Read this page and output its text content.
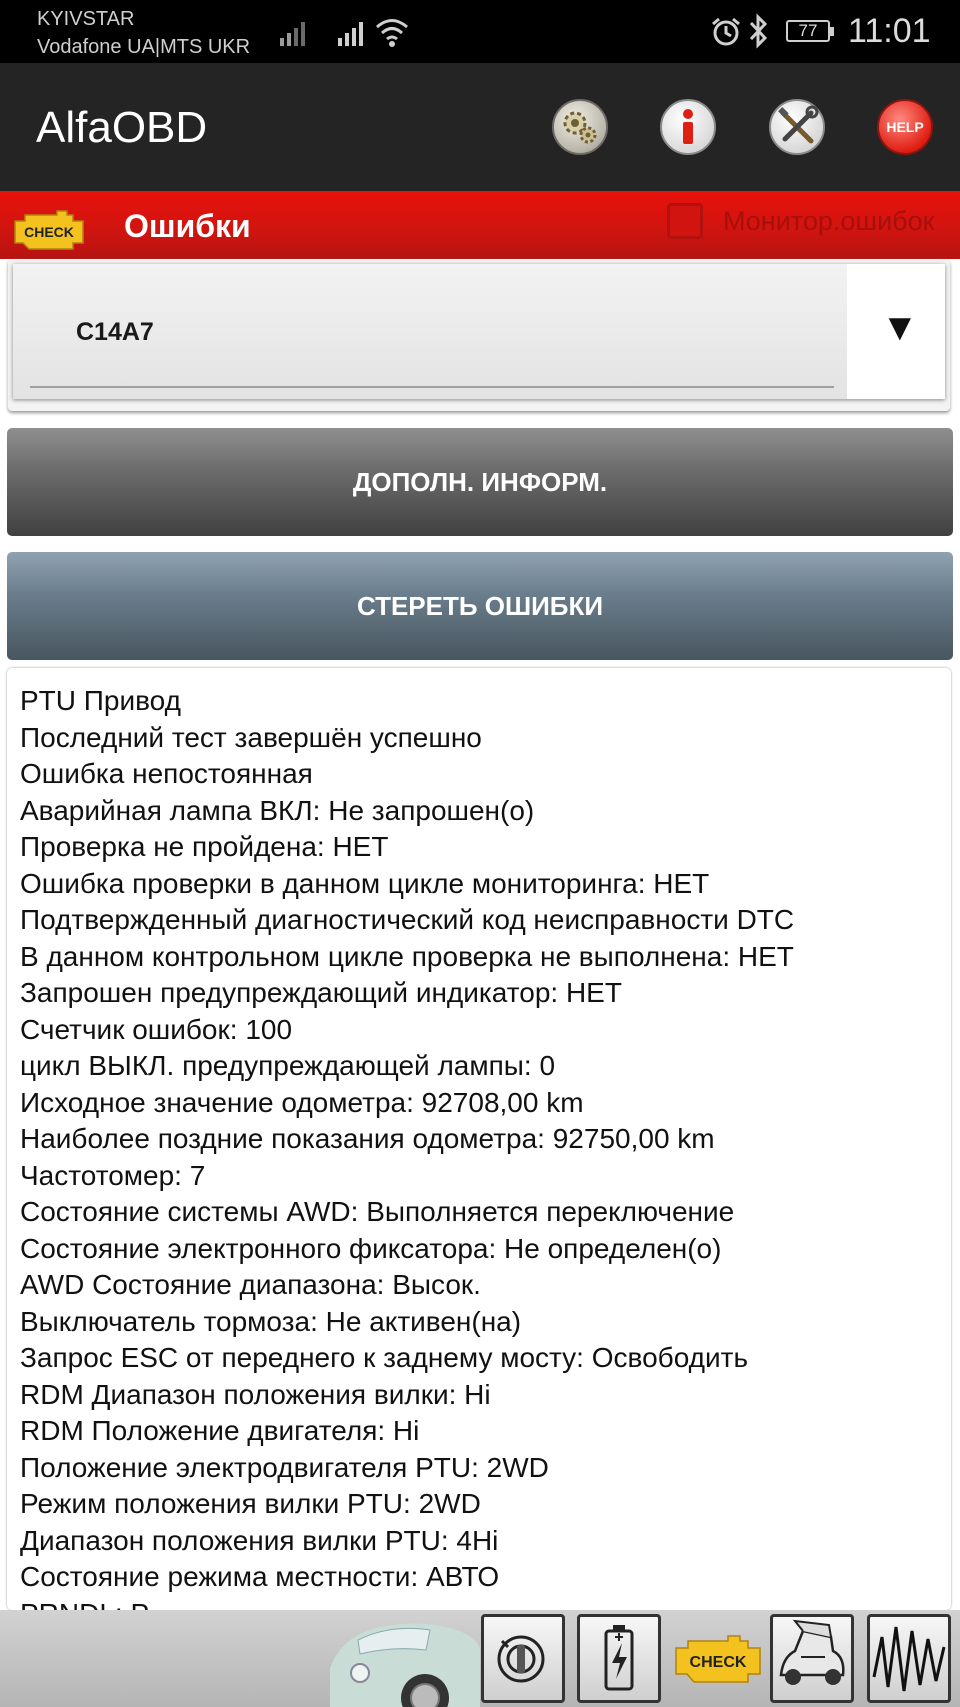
KYIVSTAR
Vodafone UA|MTS UKR
77 11:01
AlfaOBD	HELP
CHECK Ошибки	Монитор.ошибок
C14A7	▼
ДОПОЛН. ИНФОРМ.
СТЕРЕТЬ ОШИБКИ
PTU Привод
Последний тест завершён успешно
Ошибка непостоянная
Аварийная лампа ВКЛ: Не запрошен(о)
Проверка не пройдена: НЕТ
Ошибка проверки в данном цикле мониторинга: НЕТ
Подтвержденный диагностический код неисправности DTC
В данном контрольном цикле проверка не выполнена: НЕТ
Запрошен предупреждающий индикатор: НЕТ
Счетчик ошибок: 100
цикл ВЫКЛ. предупреждающей лампы: 0
Исходное значение одометра: 92708,00 km
Наиболее поздние показания одометра: 92750,00 km
Частотомер: 7
Состояние системы AWD: Выполняется переключение
Состояние электронного фиксатора: Не определен(о)
AWD Состояние диапазона: Высок.
Выключатель тормоза: Не активен(на)
Запрос ESC от переднего к заднему мосту: Освободить
RDM Диапазон положения вилки: Hi
RDM Положение двигателя: Hi
Положение электродвигателя PTU: 2WD
Режим положения вилки PTU: 2WD
Диапазон положения вилки PTU: 4Hi
Состояние режима местности: АВТО
CHECK
